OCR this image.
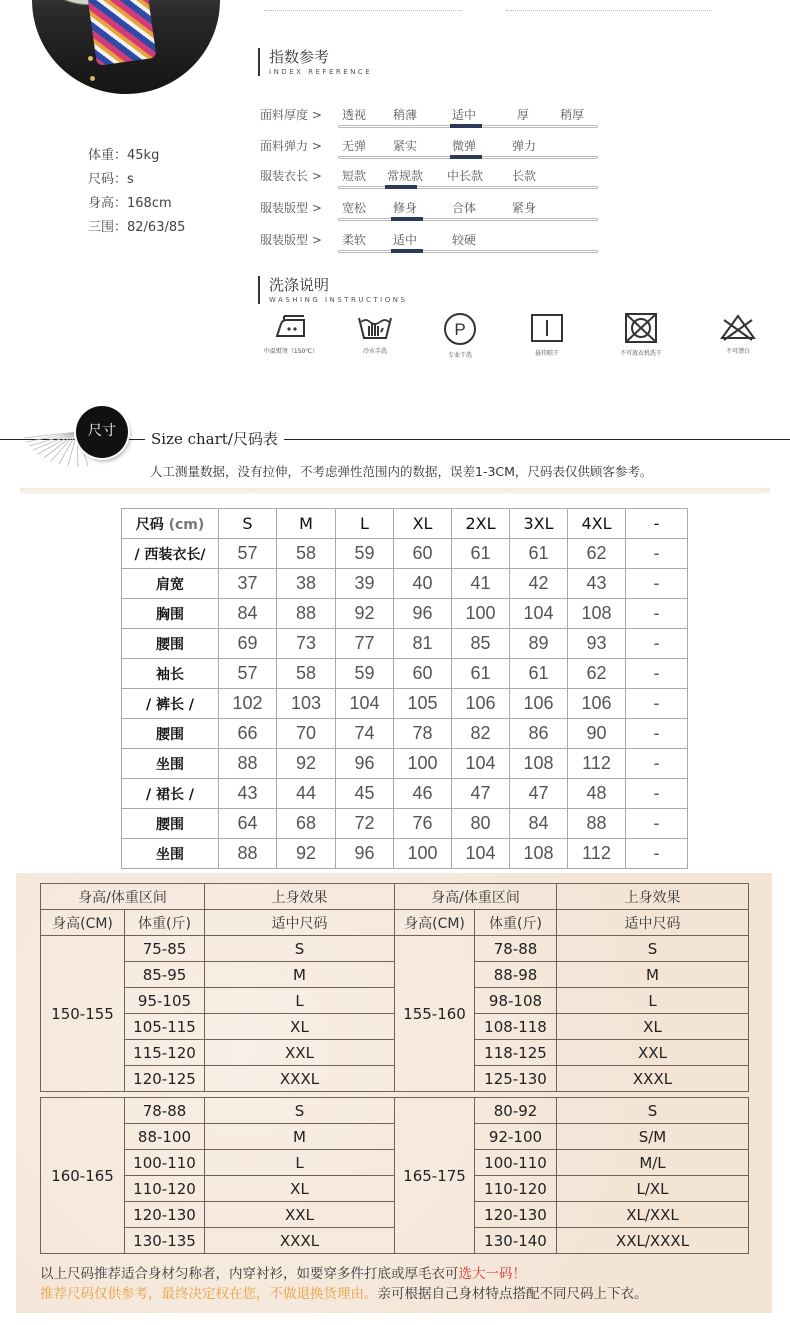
体重：45kg
尺码：s
身高：168cm
三围：82/63/85
指数参考
INDEX REFERENCE
面料厚度 > 透视 稍薄	适中	厚	稍厚
面料弹力 > 无弹 紧实	微弹	弹力
服装衣长 > 短款 常规款 中长款 长款
服装版型 > 宽松 修身	合体	紧身
服装版型 > 柔软 适中	较硬
洗涤说明
WASHING INSTRUCTIONS
中温熨烫（150℃）	冷水手洗
P
专业干洗	悬挂晾干	不可放衣机洗干	不可漂白
尺寸	Size chart/尺码表
人工测量数据，没有拉伸，不考虑弹性范围内的数据，误差1-3CM，尺码表仅供顾客参考。
尺码 (cm)	S	M	L	XL	2XL	3XL	4XL	-
/ 西装衣长/	57	58	59	60	61	61	62	-
肩宽	37	38	39	40	41	42	43	-
胸围	84	88	92	96	100	104	108	-
腰围	69	73	77	81	85	89	93	-
袖长	57	58	59	60	61	61	62	-
/ 裤长 /	102	103	104	105	106	106	106	-
腰围	66	70	74	78	82	86	90	-
坐围	88	92	96	100	104	108	112	-
/ 裙长 /	43	44	45	46	47	47	48	-
腰围	64	68	72	76	80	84	88	-
坐围	88	92	96	100	104	108	112	-
身高/体重区间		上身效果	身高/体重区间		上身效果
身高(CM)	体重(斤)	适中尺码	身高(CM)	体重(斤)	适中尺码
150-155	75-85	S	155-160	78-88	S
	85-95	M		88-98	M
	95-105	L		98-108	L
	105-115	XL		108-118	XL
	115-120	XXL		118-125	XXL
	120-125	XXXL		125-130	XXXL
160-165	78-88	S	165-175	80-92	S
	88-100	M		92-100	S/M
	100-110	L		100-110	M/L
	110-120	XL		110-120	L/XL
	120-130	XXL		120-130	XL/XXL
	130-135	XXXL		130-140	XXL/XXXL
以上尺码推荐适合身材匀称者，内穿衬衫，如要穿多件打底或厚毛衣可选大一码！
推荐尺码仅供参考，最终决定权在您，不做退换货理由。亲可根据自己身材特点搭配不同尺码上下衣。
